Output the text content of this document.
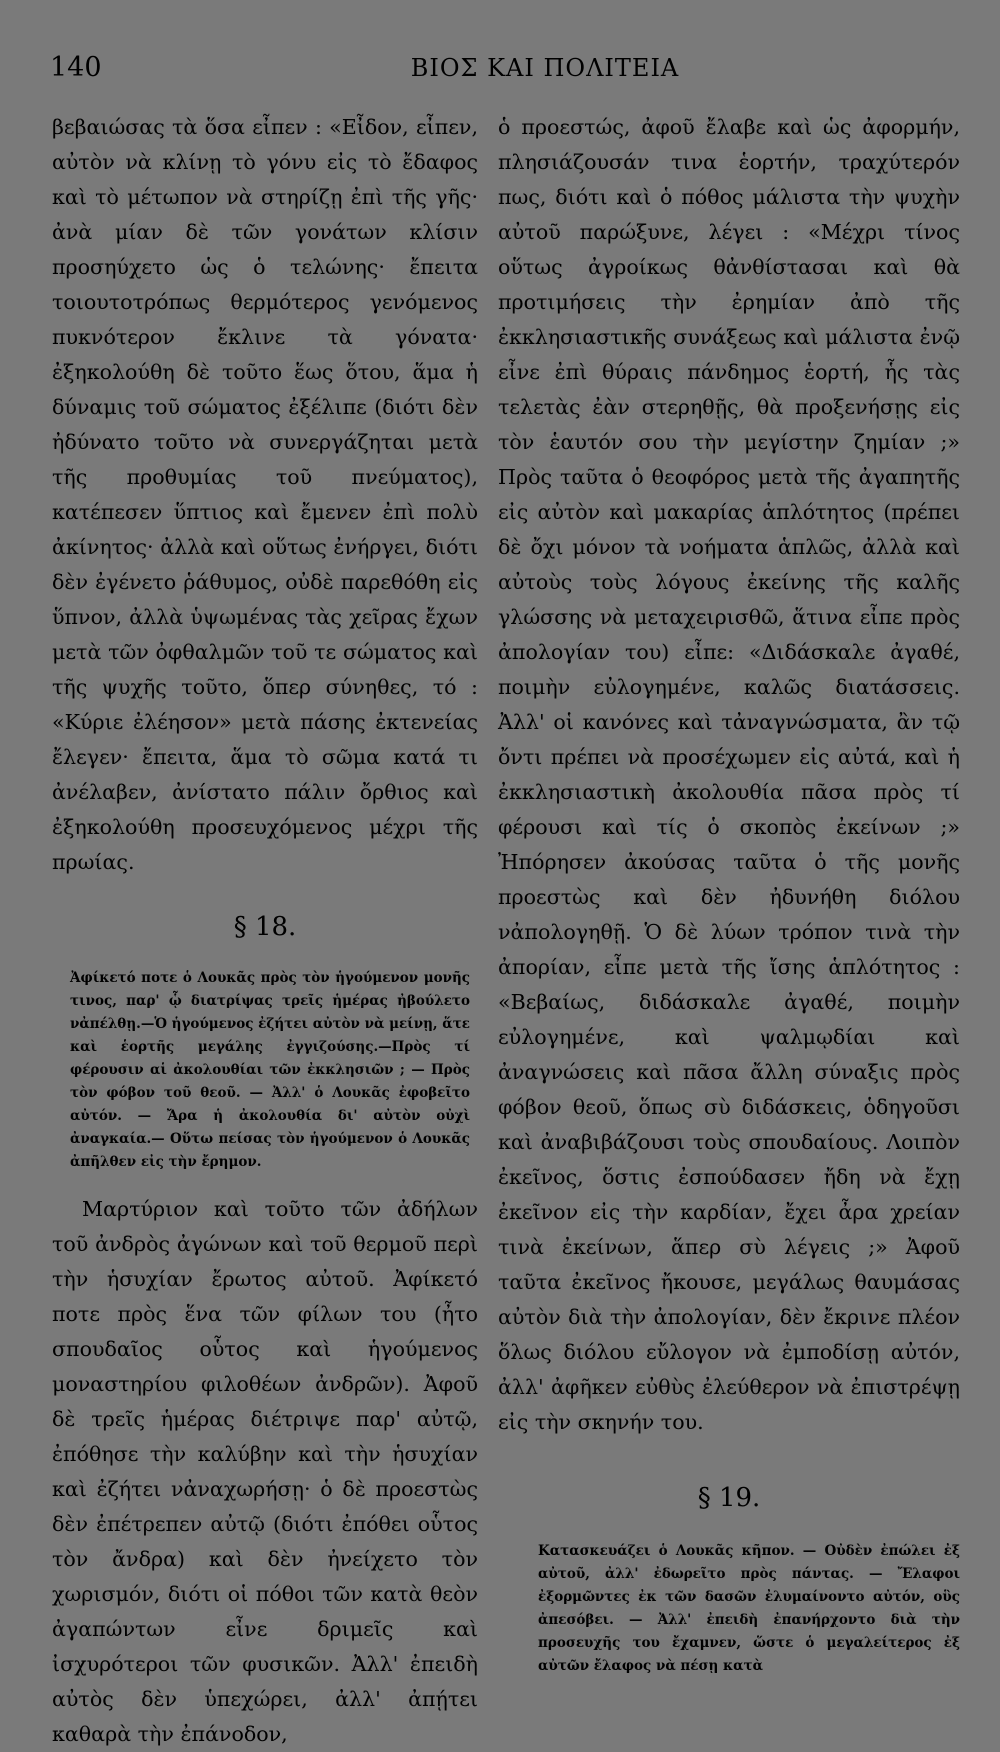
140	ΒΙΟΣ ΚΑΙ ΠΟΛΙΤΕΙΑ

βεβαιώσας τὰ ὅσα εἶπεν : «Εἶδον, εἶπεν, αὐτὸν νὰ κλίνῃ τὸ γόνυ εἰς τὸ ἔδαφος καὶ τὸ μέτωπον νὰ στηρίζῃ ἐπὶ τῆς γῆς· ἀνὰ μίαν δὲ τῶν γονάτων κλίσιν προσηύχετο ὡς ὁ τελώνης· ἔπειτα τοιουτοτρόπως θερμότερος γενόμενος πυκνότερον ἔκλινε τὰ γόνατα· ἐξηκολούθη δὲ τοῦτο ἕως ὅτου, ἅμα ἡ δύναμις τοῦ σώματος ἐξέλιπε (διότι δὲν ἠδύνατο τοῦτο νὰ συνεργάζηται μετὰ τῆς προθυμίας τοῦ πνεύματος), κατέπεσεν ὕπτιος καὶ ἔμενεν ἐπὶ πολὺ ἀκίνητος· ἀλλὰ καὶ οὕτως ἐνήργει, διότι δὲν ἐγένετο ῥάθυμος, οὐδὲ παρεθόθη εἰς ὕπνον, ἀλλὰ ὑψωμένας τὰς χεῖρας ἔχων μετὰ τῶν ὀφθαλμῶν τοῦ τε σώματος καὶ τῆς ψυχῆς τοῦτο, ὅπερ σύνηθες, τό : «Κύριε ἐλέησον» μετὰ πάσης ἐκτενείας ἔλεγεν· ἔπειτα, ἅμα τὸ σῶμα κατά τι ἀνέλαβεν, ἀνίστατο πάλιν ὄρθιος καὶ ἐξηκολούθη προσευχόμενος μέχρι τῆς πρωίας.

§ 18.

Ἀφίκετό ποτε ὁ Λουκᾶς πρὸς τὸν ἡγούμενον μονῆς τινος, παρ' ᾧ διατρίψας τρεῖς ἡμέρας ἠβούλετο νἀπέλθῃ.—Ὁ ἡγούμενος ἐζήτει αὐτὸν νὰ μείνῃ, ἅτε καὶ ἑορτῆς μεγάλης ἐγγιζούσης.—Πρὸς τί φέρουσιν αἱ ἀκολουθίαι τῶν ἐκκλησιῶν ; — Πρὸς τὸν φόβον τοῦ θεοῦ. — Ἀλλ' ὁ Λουκᾶς ἐφοβεῖτο αὐτόν. — Ἄρα ἡ ἀκολουθία δι' αὐτὸν οὐχὶ ἀναγκαία.— Οὕτω πείσας τὸν ἡγούμενον ὁ Λουκᾶς ἀπῆλθεν εἰς τὴν ἔρημον.

Μαρτύριον καὶ τοῦτο τῶν ἀδήλων τοῦ ἀνδρὸς ἀγώνων καὶ τοῦ θερμοῦ περὶ τὴν ἡσυχίαν ἔρωτος αὐτοῦ. Ἀφίκετό ποτε πρὸς ἕνα τῶν φίλων του (ἦτο σπουδαῖος οὗτος καὶ ἡγούμενος μοναστηρίου φιλοθέων ἀνδρῶν). Ἀφοῦ δὲ τρεῖς ἡμέρας διέτριψε παρ' αὐτῷ, ἐπόθησε τὴν καλύβην καὶ τὴν ἡσυχίαν καὶ ἐζήτει νἀναχωρήσῃ· ὁ δὲ προεστὼς δὲν ἐπέτρεπεν αὐτῷ (διότι ἐπόθει οὗτος τὸν ἄνδρα) καὶ δὲν ἠνείχετο τὸν χωρισμόν, διότι οἱ πόθοι τῶν κατὰ θεὸν ἀγαπώντων εἶνε δριμεῖς καὶ ἰσχυρότεροι τῶν φυσικῶν. Ἀλλ' ἐπειδὴ αὐτὸς δὲν ὑπεχώρει, ἀλλ' ἀπῄτει καθαρὰ τὴν ἐπάνοδον,

ὁ προεστώς, ἀφοῦ ἔλαβε καὶ ὡς ἀφορμήν, πλησιάζουσάν τινα ἑορτήν, τραχύτερόν πως, διότι καὶ ὁ πόθος μάλιστα τὴν ψυχὴν αὐτοῦ παρώξυνε, λέγει : «Μέχρι τίνος οὕτως ἀγροίκως θἀνθίστασαι καὶ θὰ προτιμήσεις τὴν ἐρημίαν ἀπὸ τῆς ἐκκλησιαστικῆς συνάξεως καὶ μάλιστα ἐνῷ εἶνε ἐπὶ θύραις πάνδημος ἑορτή, ἧς τὰς τελετὰς ἐὰν στερηθῇς, θὰ προξενήσῃς εἰς τὸν ἑαυτόν σου τὴν μεγίστην ζημίαν ;» Πρὸς ταῦτα ὁ θεοφόρος μετὰ τῆς ἀγαπητῆς εἰς αὐτὸν καὶ μακαρίας ἁπλότητος (πρέπει δὲ ὄχι μόνον τὰ νοήματα ἁπλῶς, ἀλλὰ καὶ αὐτοὺς τοὺς λόγους ἐκείνης τῆς καλῆς γλώσσης νὰ μεταχειρισθῶ, ἅτινα εἶπε πρὸς ἀπολογίαν του) εἶπε: «Διδάσκαλε ἀγαθέ, ποιμὴν εὐλογημένε, καλῶς διατάσσεις. Ἀλλ' οἱ κανόνες καὶ τἀναγνώσματα, ἂν τῷ ὄντι πρέπει νὰ προσέχωμεν εἰς αὐτά, καὶ ἡ ἐκκλησιαστικὴ ἀκολουθία πᾶσα πρὸς τί φέρουσι καὶ τίς ὁ σκοπὸς ἐκείνων ;» Ἠπόρησεν ἀκούσας ταῦτα ὁ τῆς μονῆς προεστὼς καὶ δὲν ἠδυνήθη διόλου νἀπολογηθῇ. Ὁ δὲ λύων τρόπον τινὰ τὴν ἀπορίαν, εἶπε μετὰ τῆς ἴσης ἁπλότητος : «Βεβαίως, διδάσκαλε ἀγαθέ, ποιμὴν εὐλογημένε, καὶ ψαλμῳδίαι καὶ ἀναγνώσεις καὶ πᾶσα ἄλλη σύναξις πρὸς φόβον θεοῦ, ὅπως σὺ διδάσκεις, ὁδηγοῦσι καὶ ἀναβιβάζουσι τοὺς σπουδαίους. Λοιπὸν ἐκεῖνος, ὅστις ἐσπούδασεν ἤδη νὰ ἔχῃ ἐκεῖνον εἰς τὴν καρδίαν, ἔχει ἆρα χρείαν τινὰ ἐκείνων, ἅπερ σὺ λέγεις ;» Ἀφοῦ ταῦτα ἐκεῖνος ἤκουσε, μεγάλως θαυμάσας αὐτὸν διὰ τὴν ἀπολογίαν, δὲν ἔκρινε πλέον ὅλως διόλου εὔλογον νὰ ἐμποδίσῃ αὐτόν, ἀλλ' ἀφῆκεν εὐθὺς ἐλεύθερον νὰ ἐπιστρέψῃ εἰς τὴν σκηνήν του.

§ 19.

Κατασκευάζει ὁ Λουκᾶς κῆπον. — Οὐδὲν ἐπώλει ἐξ αὐτοῦ, ἀλλ' ἐδωρεῖτο πρὸς πάντας. — Ἔλαφοι ἐξορμῶντες ἐκ τῶν δασῶν ἐλυμαίνοντο αὐτόν, οὓς ἀπεσόβει. — Ἀλλ' ἐπειδὴ ἐπανήρχοντο διὰ τὴν προσευχῆς του ἔχαμνεν, ὥστε ὁ μεγαλείτερος ἐξ αὐτῶν ἔλαφος νὰ πέσῃ κατὰ
